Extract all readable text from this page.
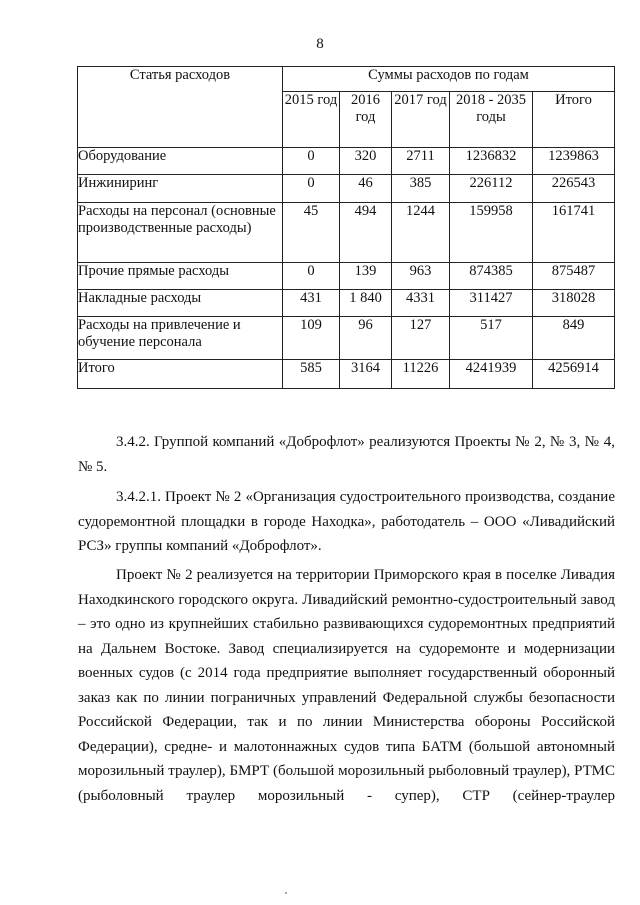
8
Статья расходов	Суммы расходов по годам				
	2015 год	2016 год	2017 год	2018 - 2035 годы	Итого
Оборудование	0	320	2711	1236832	1239863
Инжиниринг	0	46	385	226112	226543
Расходы на персонал (основные производственные расходы)	45	494	1244	159958	161741
Прочие прямые расходы	0	139	963	874385	875487
Накладные расходы	431	1 840	4331	311427	318028
Расходы на привлечение и обучение персонала	109	96	127	517	849
Итого	585	3164	11226	4241939	4256914

3.4.2. Группой компаний «Доброфлот» реализуются Проекты № 2, № 3, № 4, № 5.

3.4.2.1. Проект № 2 «Организация судостроительного производства, создание судоремонтной площадки в городе Находка», работодатель – ООО «Ливадийский РСЗ» группы компаний «Доброфлот».

Проект № 2 реализуется на территории Приморского края в поселке Ливадия Находкинского городского округа. Ливадийский ремонтно-судостроительный завод – это одно из крупнейших стабильно развивающихся судоремонтных предприятий на Дальнем Востоке. Завод специализируется на судоремонте и модернизации военных судов (с 2014 года предприятие выполняет государственный оборонный заказ как по линии пограничных управлений Федеральной службы безопасности Российской Федерации, так и по линии Министерства обороны Российской Федерации), средне- и малотоннажных судов типа БАТМ (большой автономный морозильный траулер), БМРТ (большой морозильный рыболовный траулер), РТМС (рыболовный траулер морозильный - супер), СТР (сейнер-траулер
